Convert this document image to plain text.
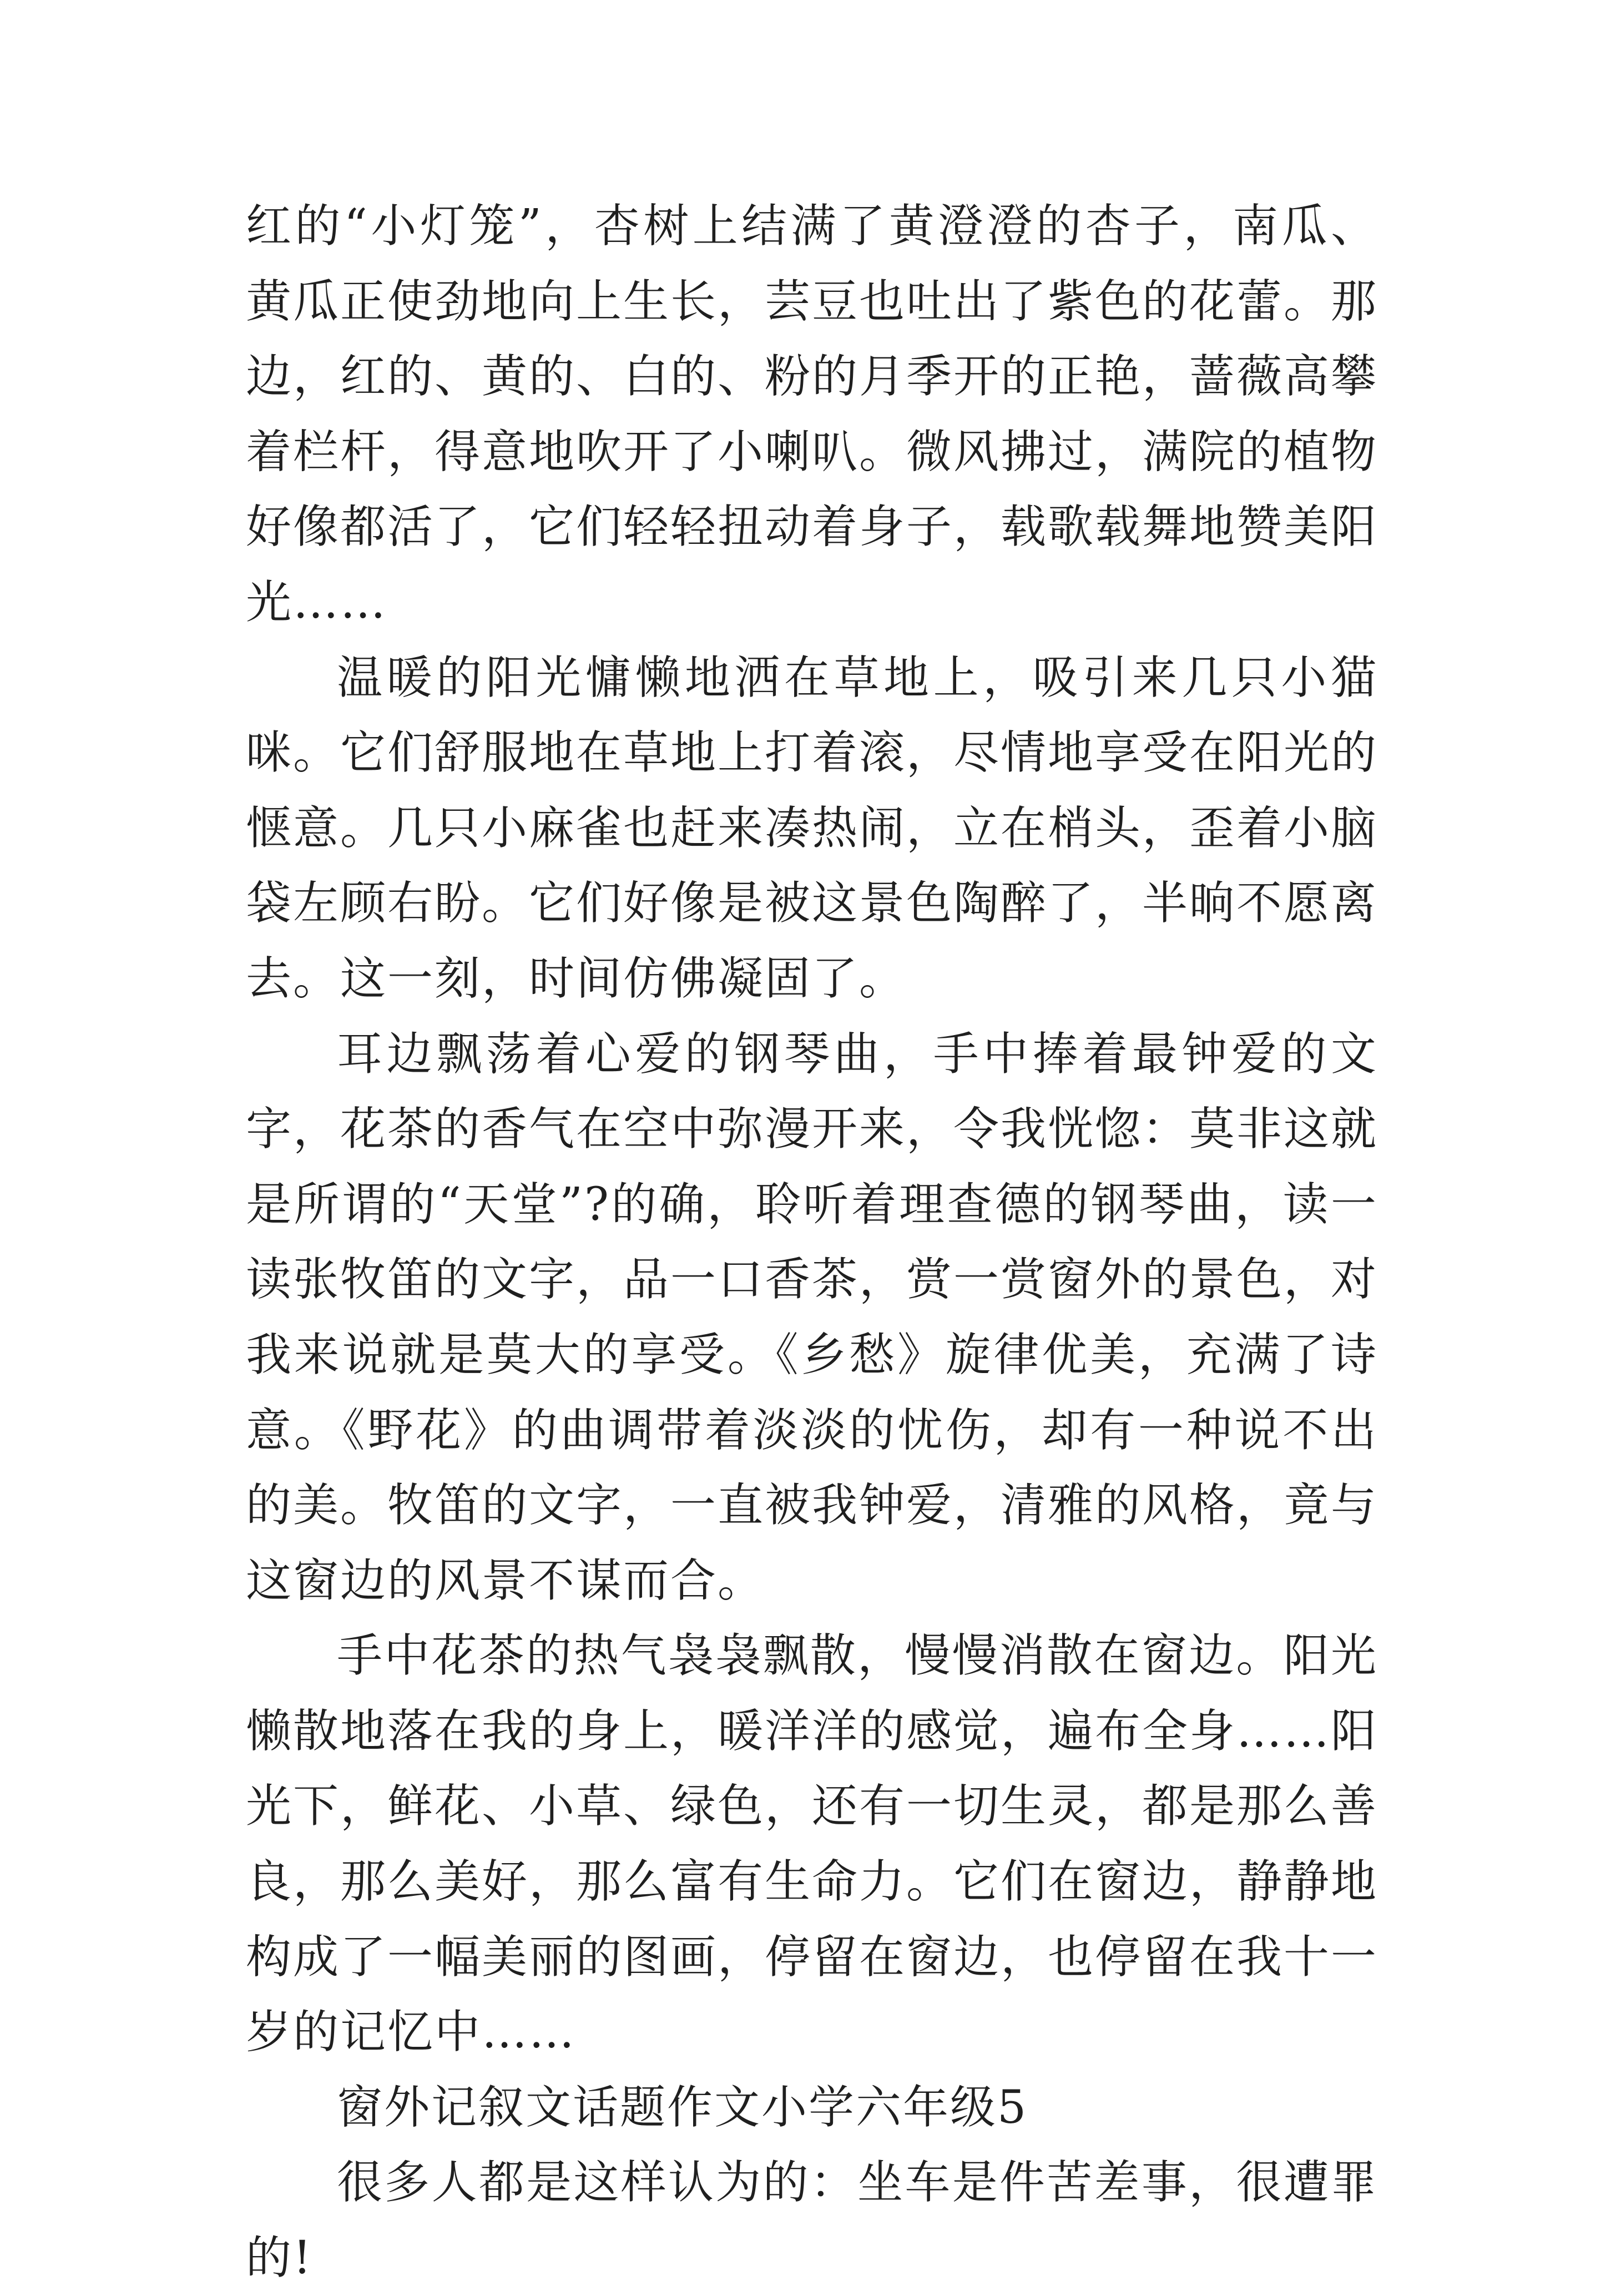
红的“小灯笼”，杏树上结满了黄澄澄的杏子，南瓜、黄瓜正使劲地向上生长，芸豆也吐出了紫色的花蕾。那边，红的、黄的、白的、粉的月季开的正艳，蔷薇高攀着栏杆，得意地吹开了小喇叭。微风拂过，满院的植物好像都活了，它们轻轻扭动着身子，载歌载舞地赞美阳光……

温暖的阳光慵懒地洒在草地上，吸引来几只小猫咪。它们舒服地在草地上打着滚，尽情地享受在阳光的惬意。几只小麻雀也赶来凑热闹，立在梢头，歪着小脑袋左顾右盼。它们好像是被这景色陶醉了，半晌不愿离去。这一刻，时间仿佛凝固了。

耳边飘荡着心爱的钢琴曲，手中捧着最钟爱的文字，花茶的香气在空中弥漫开来，令我恍惚：莫非这就是所谓的“天堂”?的确，聆听着理查德的钢琴曲，读一读张牧笛的文字，品一口香茶，赏一赏窗外的景色，对我来说就是莫大的享受。《乡愁》旋律优美，充满了诗意。《野花》的曲调带着淡淡的忧伤，却有一种说不出的美。牧笛的文字，一直被我钟爱，清雅的风格，竟与这窗边的风景不谋而合。

手中花茶的热气袅袅飘散，慢慢消散在窗边。阳光懒散地落在我的身上，暖洋洋的感觉，遍布全身……阳光下，鲜花、小草、绿色，还有一切生灵，都是那么善良，那么美好，那么富有生命力。它们在窗边，静静地构成了一幅美丽的图画，停留在窗边，也停留在我十一岁的记忆中……

窗外记叙文话题作文小学六年级5

很多人都是这样认为的：坐车是件苦差事，很遭罪的!
